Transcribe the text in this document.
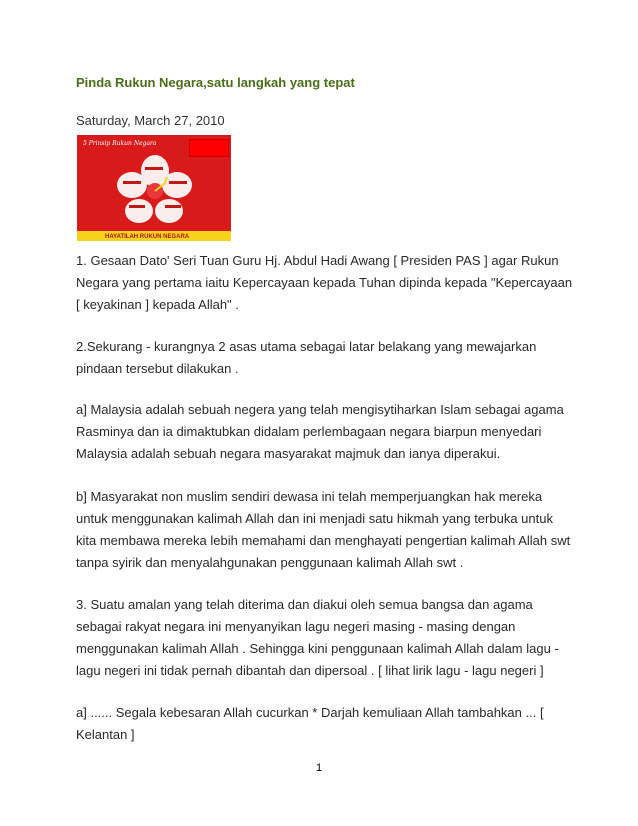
Pinda Rukun Negara,satu langkah yang tepat
Saturday, March 27, 2010
5 Prinsip Rukun Negara
HAYATILAH RUKUN NEGARA
1. Gesaan Dato' Seri Tuan Guru Hj. Abdul Hadi Awang [ Presiden PAS ] agar Rukun Negara yang pertama iaitu Kepercayaan kepada Tuhan dipinda kepada "Kepercayaan [ keyakinan ] kepada Allah" .
2.Sekurang - kurangnya 2 asas utama sebagai latar belakang yang mewajarkan pindaan tersebut dilakukan .
a] Malaysia adalah sebuah negera yang telah mengisytiharkan Islam sebagai agama Rasminya dan ia dimaktubkan didalam perlembagaan negara biarpun menyedari Malaysia adalah sebuah negara masyarakat majmuk dan ianya diperakui.
b] Masyarakat non muslim sendiri dewasa ini telah memperjuangkan hak mereka untuk menggunakan kalimah Allah dan ini menjadi satu hikmah yang terbuka untuk kita membawa mereka lebih memahami dan menghayati pengertian kalimah Allah swt tanpa syirik dan menyalahgunakan penggunaan kalimah Allah swt .
3. Suatu amalan yang telah diterima dan diakui oleh semua bangsa dan agama sebagai rakyat negara ini menyanyikan lagu negeri masing - masing dengan menggunakan kalimah Allah . Sehingga kini penggunaan kalimah Allah dalam lagu - lagu negeri ini tidak pernah dibantah dan dipersoal . [ lihat lirik lagu - lagu negeri ]
a] ...... Segala kebesaran Allah cucurkan * Darjah kemuliaan Allah tambahkan ... [ Kelantan ]
1
